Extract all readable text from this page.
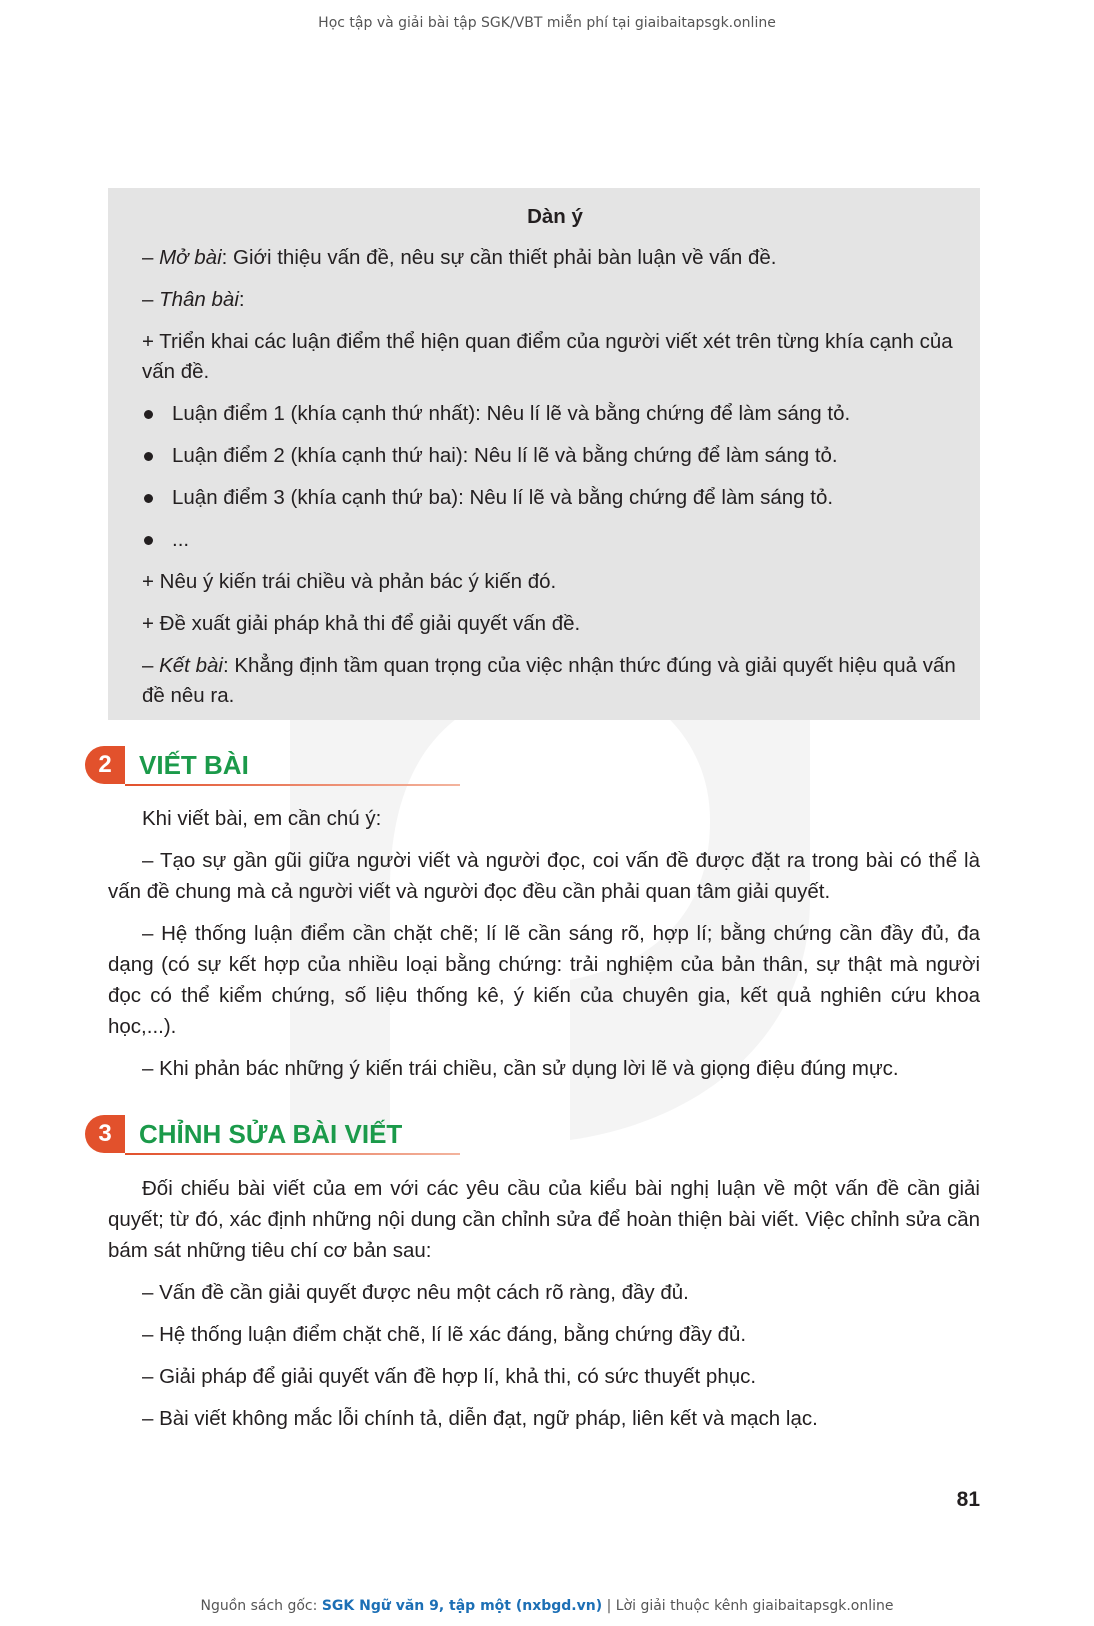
Học tập và giải bài tập SGK/VBT miễn phí tại giaibaitapsgk.online
Dàn ý

– Mở bài: Giới thiệu vấn đề, nêu sự cần thiết phải bàn luận về vấn đề.

– Thân bài:

+ Triển khai các luận điểm thể hiện quan điểm của người viết xét trên từng khía cạnh của vấn đề.

Luận điểm 1 (khía cạnh thứ nhất): Nêu lí lẽ và bằng chứng để làm sáng tỏ.

Luận điểm 2 (khía cạnh thứ hai): Nêu lí lẽ và bằng chứng để làm sáng tỏ.

Luận điểm 3 (khía cạnh thứ ba): Nêu lí lẽ và bằng chứng để làm sáng tỏ.

...

+ Nêu ý kiến trái chiều và phản bác ý kiến đó.

+ Đề xuất giải pháp khả thi để giải quyết vấn đề.

– Kết bài: Khẳng định tầm quan trọng của việc nhận thức đúng và giải quyết hiệu quả vấn đề nêu ra.

2	VIẾT BÀI

Khi viết bài, em cần chú ý:

– Tạo sự gần gũi giữa người viết và người đọc, coi vấn đề được đặt ra trong bài có thể là vấn đề chung mà cả người viết và người đọc đều cần phải quan tâm giải quyết.

– Hệ thống luận điểm cần chặt chẽ; lí lẽ cần sáng rõ, hợp lí; bằng chứng cần đầy đủ, đa dạng (có sự kết hợp của nhiều loại bằng chứng: trải nghiệm của bản thân, sự thật mà người đọc có thể kiểm chứng, số liệu thống kê, ý kiến của chuyên gia, kết quả nghiên cứu khoa học,...).

– Khi phản bác những ý kiến trái chiều, cần sử dụng lời lẽ và giọng điệu đúng mực.

3	CHỈNH SỬA BÀI VIẾT

Đối chiếu bài viết của em với các yêu cầu của kiểu bài nghị luận về một vấn đề cần giải quyết; từ đó, xác định những nội dung cần chỉnh sửa để hoàn thiện bài viết. Việc chỉnh sửa cần bám sát những tiêu chí cơ bản sau:

– Vấn đề cần giải quyết được nêu một cách rõ ràng, đầy đủ.

– Hệ thống luận điểm chặt chẽ, lí lẽ xác đáng, bằng chứng đầy đủ.

– Giải pháp để giải quyết vấn đề hợp lí, khả thi, có sức thuyết phục.

– Bài viết không mắc lỗi chính tả, diễn đạt, ngữ pháp, liên kết và mạch lạc.

81
Nguồn sách gốc: SGK Ngữ văn 9, tập một (nxbgd.vn) | Lời giải thuộc kênh giaibaitapsgk.online
